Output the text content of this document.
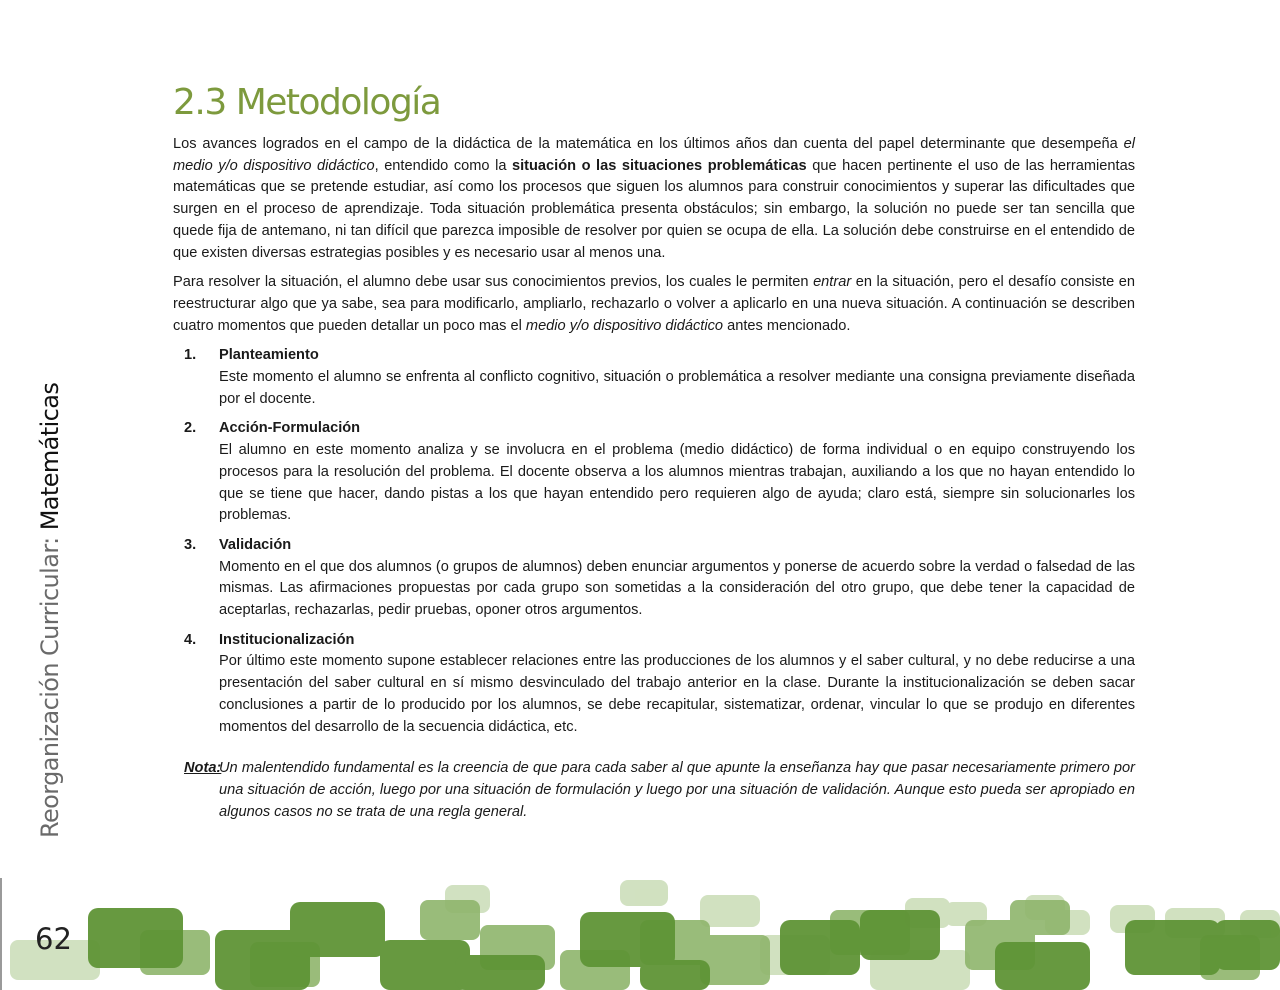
2.3 Metodología

Los avances logrados en el campo de la didáctica de la matemática en los últimos años dan cuenta del papel determinante que desempeña el medio y/o dispositivo didáctico, entendido como la situación o las situaciones problemáticas que hacen pertinente el uso de las herramientas matemáticas que se pretende estudiar, así como los procesos que siguen los alumnos para construir conocimientos y superar las dificultades que surgen en el proceso de aprendizaje. Toda situación problemática presenta obstáculos; sin embargo, la solución no puede ser tan sencilla que quede fija de antemano, ni tan difícil que parezca imposible de resolver por quien se ocupa de ella. La solución debe construirse en el entendido de que existen diversas estrategias posibles y es necesario usar al menos una.

Para resolver la situación, el alumno debe usar sus conocimientos previos, los cuales le permiten entrar en la situación, pero el desafío consiste en reestructurar algo que ya sabe, sea para modificarlo, ampliarlo, rechazarlo o volver a aplicarlo en una nueva situación. A continuación se describen cuatro momentos que pueden detallar un poco mas el medio y/o dispositivo didáctico antes mencionado.

1. Planteamiento
Este momento el alumno se enfrenta al conflicto cognitivo, situación o problemática a resolver mediante una consigna previamente diseñada por el docente.
2. Acción-Formulación
El alumno en este momento analiza y se involucra en el problema (medio didáctico) de forma individual o en equipo construyendo los procesos para la resolución del problema. El docente observa a los alumnos mientras trabajan, auxiliando a los que no hayan entendido lo que se tiene que hacer, dando pistas a los que hayan entendido pero requieren algo de ayuda; claro está, siempre sin solucionarles los problemas.
3. Validación
Momento en el que dos alumnos (o grupos de alumnos) deben enunciar argumentos y ponerse de acuerdo sobre la verdad o falsedad de las mismas. Las afirmaciones propuestas por cada grupo son sometidas a la consideración del otro grupo, que debe tener la capacidad de aceptarlas, rechazarlas, pedir pruebas, oponer otros argumentos.
4. Institucionalización
Por último este momento supone establecer relaciones entre las producciones de los alumnos y el saber cultural, y no debe reducirse a una presentación del saber cultural en sí mismo desvinculado del trabajo anterior en la clase. Durante la institucionalización se deben sacar conclusiones a partir de lo producido por los alumnos, se debe recapitular, sistematizar, ordenar, vincular lo que se produjo en diferentes momentos del desarrollo de la secuencia didáctica, etc.
Nota:
Un malentendido fundamental es la creencia de que para cada saber al que apunte la enseñanza hay que pasar necesariamente primero por una situación de acción, luego por una situación de formulación y luego por una situación de validación. Aunque esto pueda ser apropiado en algunos casos no se trata de una regla general.
Reorganización Curricular: Matemáticas
62
